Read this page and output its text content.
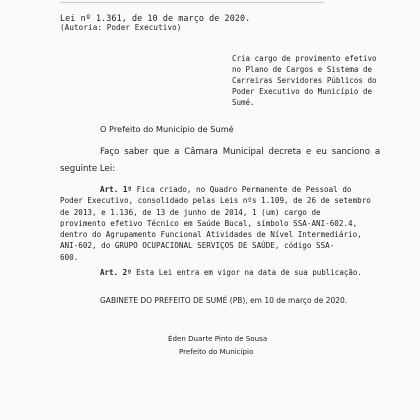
Lei nº 1.361, de 10 de março de 2020.
(Autoria: Poder Executivo)
Cria cargo de provimento efetivo
no Plano de Cargos e Sistema de
Carreiras Servidores Públicos do
Poder Executivo do Município de
Sumé.
O Prefeito do Município de Sumé
Faço saber que a Câmara Municipal decreta e eu sanciono a
seguinte Lei:
Art. 1º Fica criado, no Quadro Permanente de Pessoal do
Poder Executivo, consolidado pelas Leis nºs 1.109, de 26 de setembro
de 2013, e 1.136, de 13 de junho de 2014, 1 (um) cargo de
provimento efetivo Técnico em Saúde Bucal, símbolo SSA-ANI-602.4,
dentro do Agrupamento Funcional Atividades de Nível Intermediário,
ANI-602, do GRUPO OCUPACIONAL SERVIÇOS DE SAÚDE, código SSA-
600.
Art. 2º Esta Lei entra em vigor na data de sua publicação.
GABINETE DO PREFEITO DE SUMÉ (PB), em 10 de março de 2020.
Éden Duarte Pinto de Sousa
Prefeito do Município
